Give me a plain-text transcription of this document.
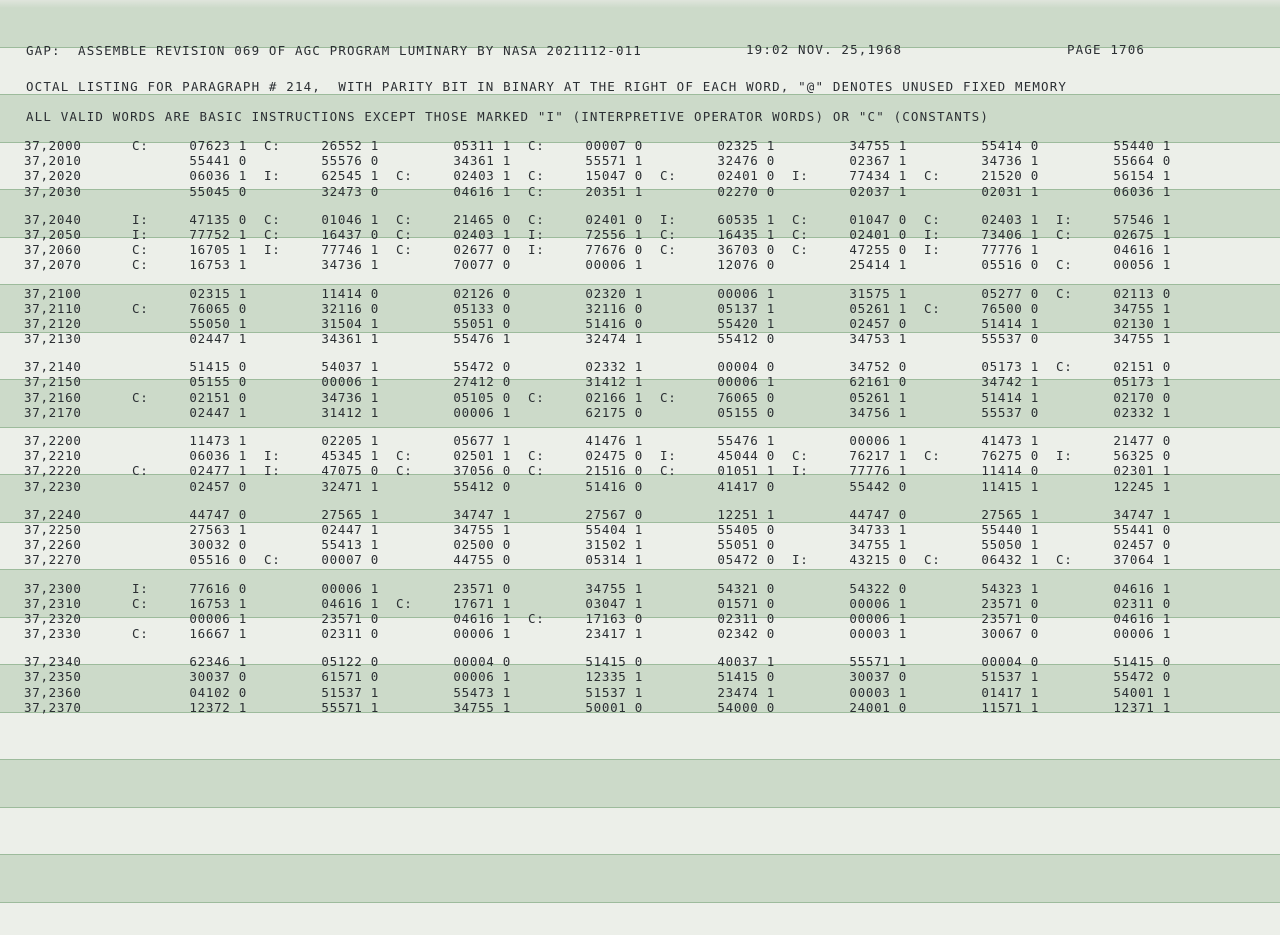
GAP:  ASSEMBLE REVISION 069 OF AGC PROGRAM LUMINARY BY NASA 2021112-011	19:02 NOV. 25,1968	PAGE 1706
OCTAL LISTING FOR PARAGRAPH # 214,  WITH PARITY BIT IN BINARY AT THE RIGHT OF EACH WORD, "@" DENOTES UNUSED FIXED MEMORY
ALL VALID WORDS ARE BASIC INSTRUCTIONS EXCEPT THOSE MARKED "I" (INTERPRETIVE OPERATOR WORDS) OR "C" (CONSTANTS)
37,2000	C:	07623 1 C:	26552 1	05311 1 C:	00007 0	02325 1	34755 1	55414 0	55440 1
37,2010	55441 0	55576 0	34361 1	55571 1	32476 0	02367 1	34736 1	55664 0
37,2020	06036 1 I:	62545 1 C:	02403 1 C:	15047 0 C:	02401 0 I:	77434 1 C:	21520 0	56154 1
37,2030	55045 0	32473 0	04616 1 C:	20351 1	02270 0	02037 1	02031 1	06036 1
37,2040	I:	47135 0 C:	01046 1 C:	21465 0 C:	02401 0 I:	60535 1 C:	01047 0 C:	02403 1 I:	57546 1
37,2050	I:	77752 1 C:	16437 0 C:	02403 1 I:	72556 1 C:	16435 1 C:	02401 0 I:	73406 1 C:	02675 1
37,2060	C:	16705 1 I:	77746 1 C:	02677 0 I:	77676 0 C:	36703 0 C:	47255 0 I:	77776 1	04616 1
37,2070	C:	16753 1	34736 1	70077 0	00006 1	12076 0	25414 1	05516 0 C:	00056 1
37,2100	02315 1	11414 0	02126 0	02320 1	00006 1	31575 1	05277 0 C:	02113 0
37,2110	C:	76065 0	32116 0	05133 0	32116 0	05137 1	05261 1 C:	76500 0	34755 1
37,2120	55050 1	31504 1	55051 0	51416 0	55420 1	02457 0	51414 1	02130 1
37,2130	02447 1	34361 1	55476 1	32474 1	55412 0	34753 1	55537 0	34755 1
37,2140	51415 0	54037 1	55472 0	02332 1	00004 0	34752 0	05173 1 C:	02151 0
37,2150	05155 0	00006 1	27412 0	31412 1	00006 1	62161 0	34742 1	05173 1
37,2160	C:	02151 0	34736 1	05105 0 C:	02166 1 C:	76065 0	05261 1	51414 1	02170 0
37,2170	02447 1	31412 1	00006 1	62175 0	05155 0	34756 1	55537 0	02332 1
37,2200	11473 1	02205 1	05677 1	41476 1	55476 1	00006 1	41473 1	21477 0
37,2210	06036 1 I:	45345 1 C:	02501 1 C:	02475 0 I:	45044 0 C:	76217 1 C:	76275 0 I:	56325 0
37,2220	C:	02477 1 I:	47075 0 C:	37056 0 C:	21516 0 C:	01051 1 I:	77776 1	11414 0	02301 1
37,2230	02457 0	32471 1	55412 0	51416 0	41417 0	55442 0	11415 1	12245 1
37,2240	44747 0	27565 1	34747 1	27567 0	12251 1	44747 0	27565 1	34747 1
37,2250	27563 1	02447 1	34755 1	55404 1	55405 0	34733 1	55440 1	55441 0
37,2260	30032 0	55413 1	02500 0	31502 1	55051 0	34755 1	55050 1	02457 0
37,2270	05516 0 C:	00007 0	44755 0	05314 1	05472 0 I:	43215 0 C:	06432 1 C:	37064 1
37,2300	I:	77616 0	00006 1	23571 0	34755 1	54321 0	54322 0	54323 1	04616 1
37,2310	C:	16753 1	04616 1 C:	17671 1	03047 1	01571 0	00006 1	23571 0	02311 0
37,2320	00006 1	23571 0	04616 1 C:	17163 0	02311 0	00006 1	23571 0	04616 1
37,2330	C:	16667 1	02311 0	00006 1	23417 1	02342 0	00003 1	30067 0	00006 1
37,2340	62346 1	05122 0	00004 0	51415 0	40037 1	55571 1	00004 0	51415 0
37,2350	30037 0	61571 0	00006 1	12335 1	51415 0	30037 0	51537 1	55472 0
37,2360	04102 0	51537 1	55473 1	51537 1	23474 1	00003 1	01417 1	54001 1
37,2370	12372 1	55571 1	34755 1	50001 0	54000 0	24001 0	11571 1	12371 1
